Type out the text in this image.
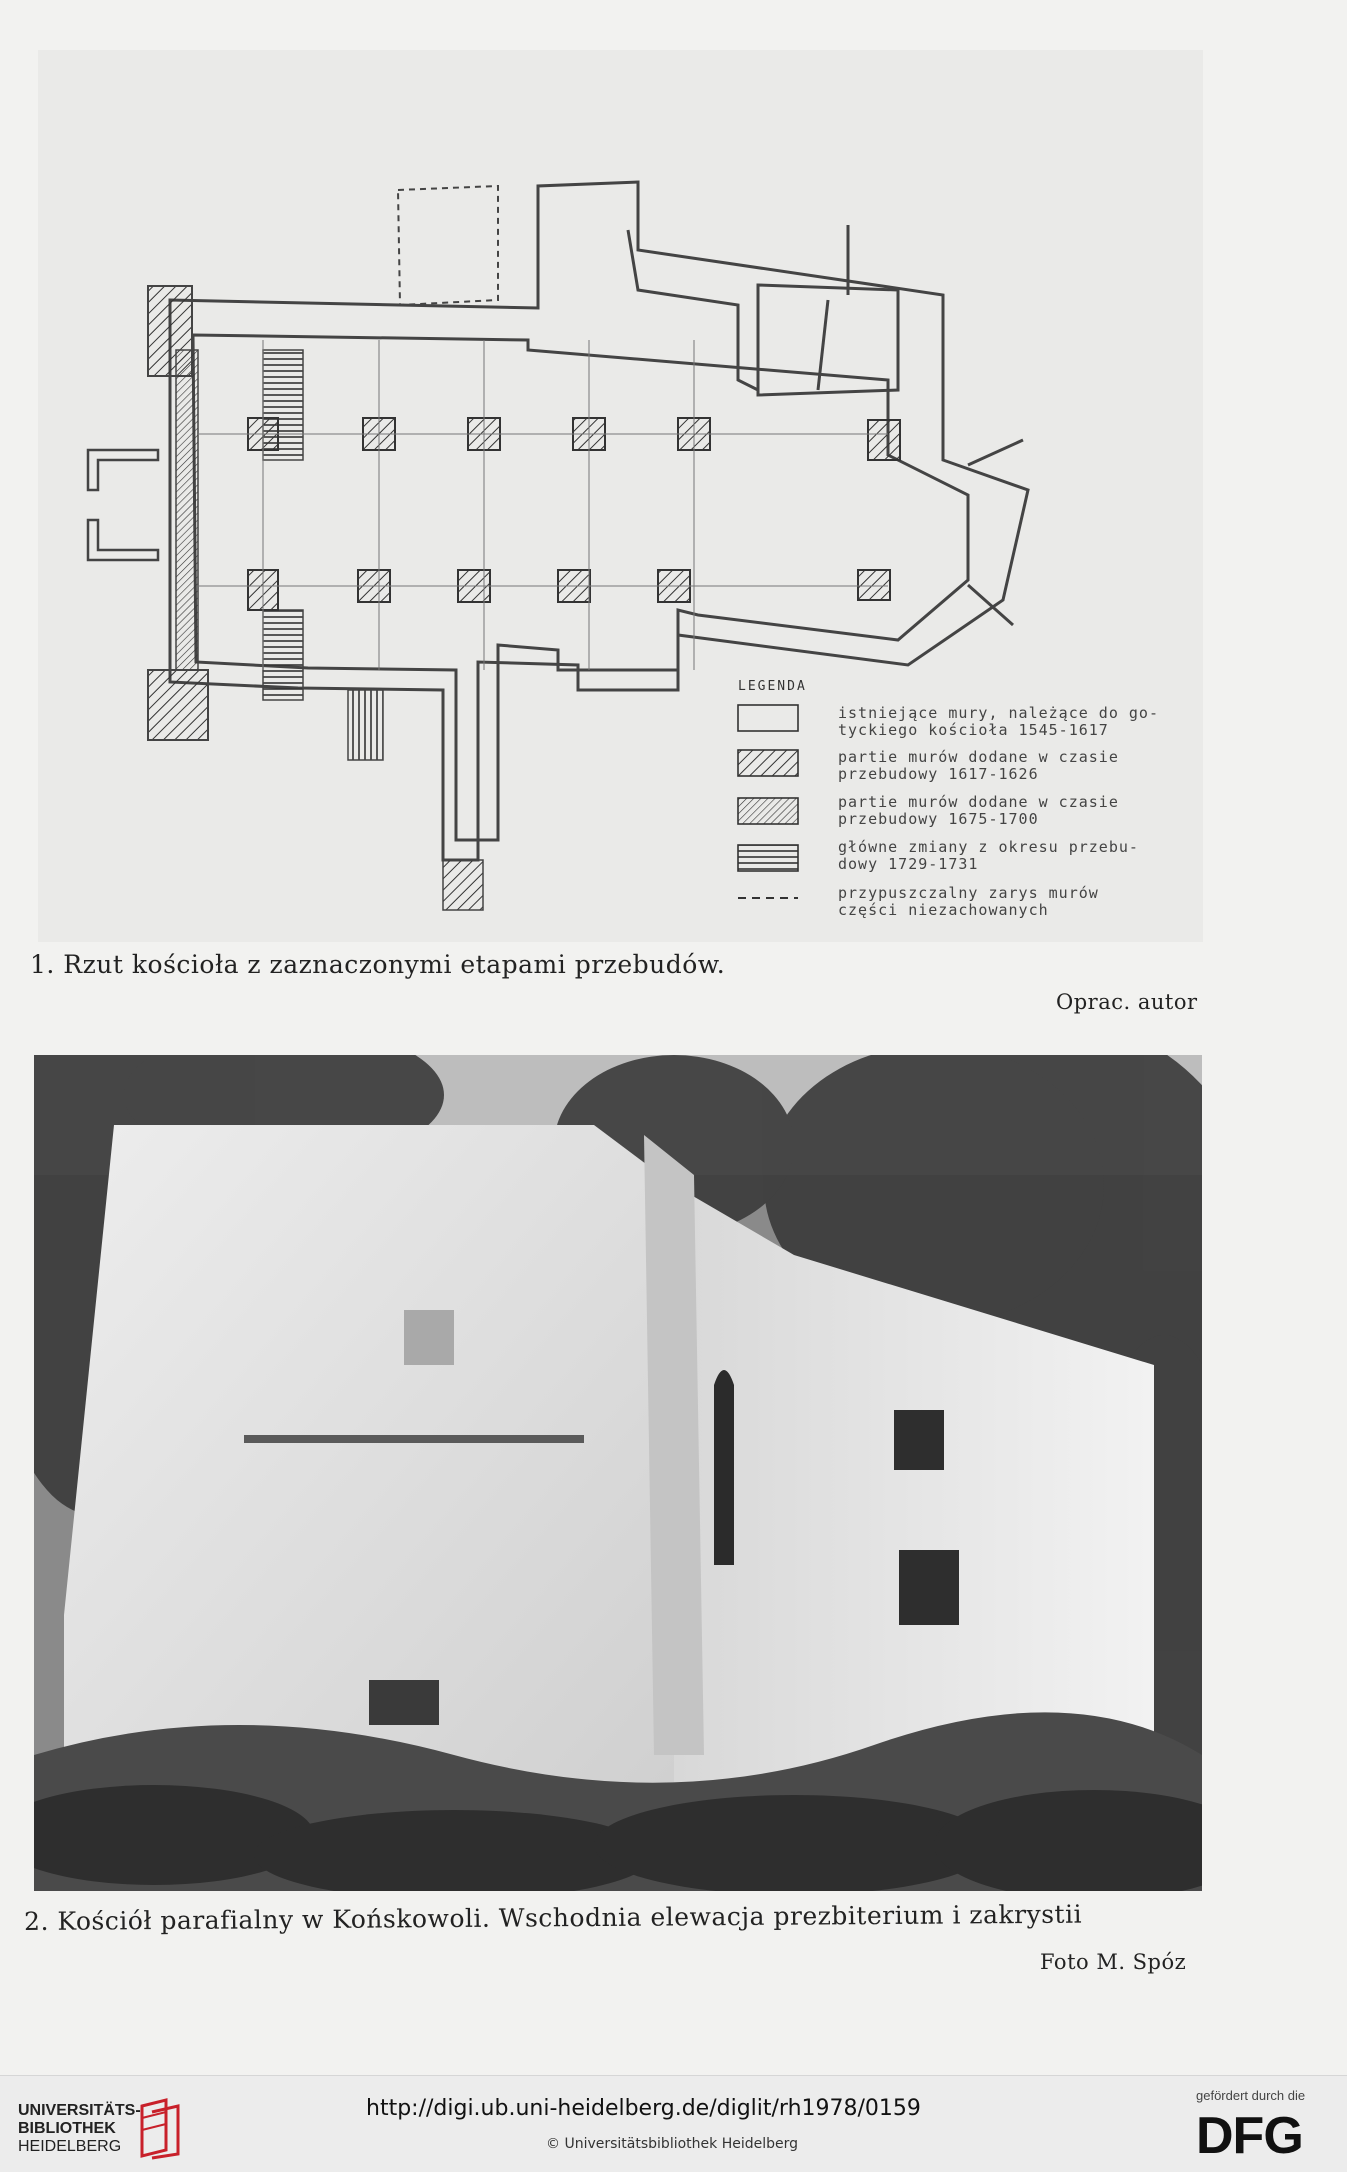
LEGENDA
istniejące mury, należące do go-
tyckiego kościoła 1545-1617
partie murów dodane w czasie
przebudowy 1617-1626
partie murów dodane w czasie
przebudowy 1675-1700
główne zmiany z okresu przebu-
dowy 1729-1731
przypuszczalny zarys murów
części niezachowanych
1. Rzut kościoła z zaznaczonymi etapami przebudów.
Oprac. autor
2. Kościół parafialny w Końskowoli. Wschodnia elewacja prezbiterium i zakrystii
Foto M. Spóz
UNIVERSITÄTS-
BIBLIOTHEK
HEIDELBERG
http://digi.ub.uni-heidelberg.de/diglit/rh1978/0159
© Universitätsbibliothek Heidelberg
gefördert durch die
DFG
